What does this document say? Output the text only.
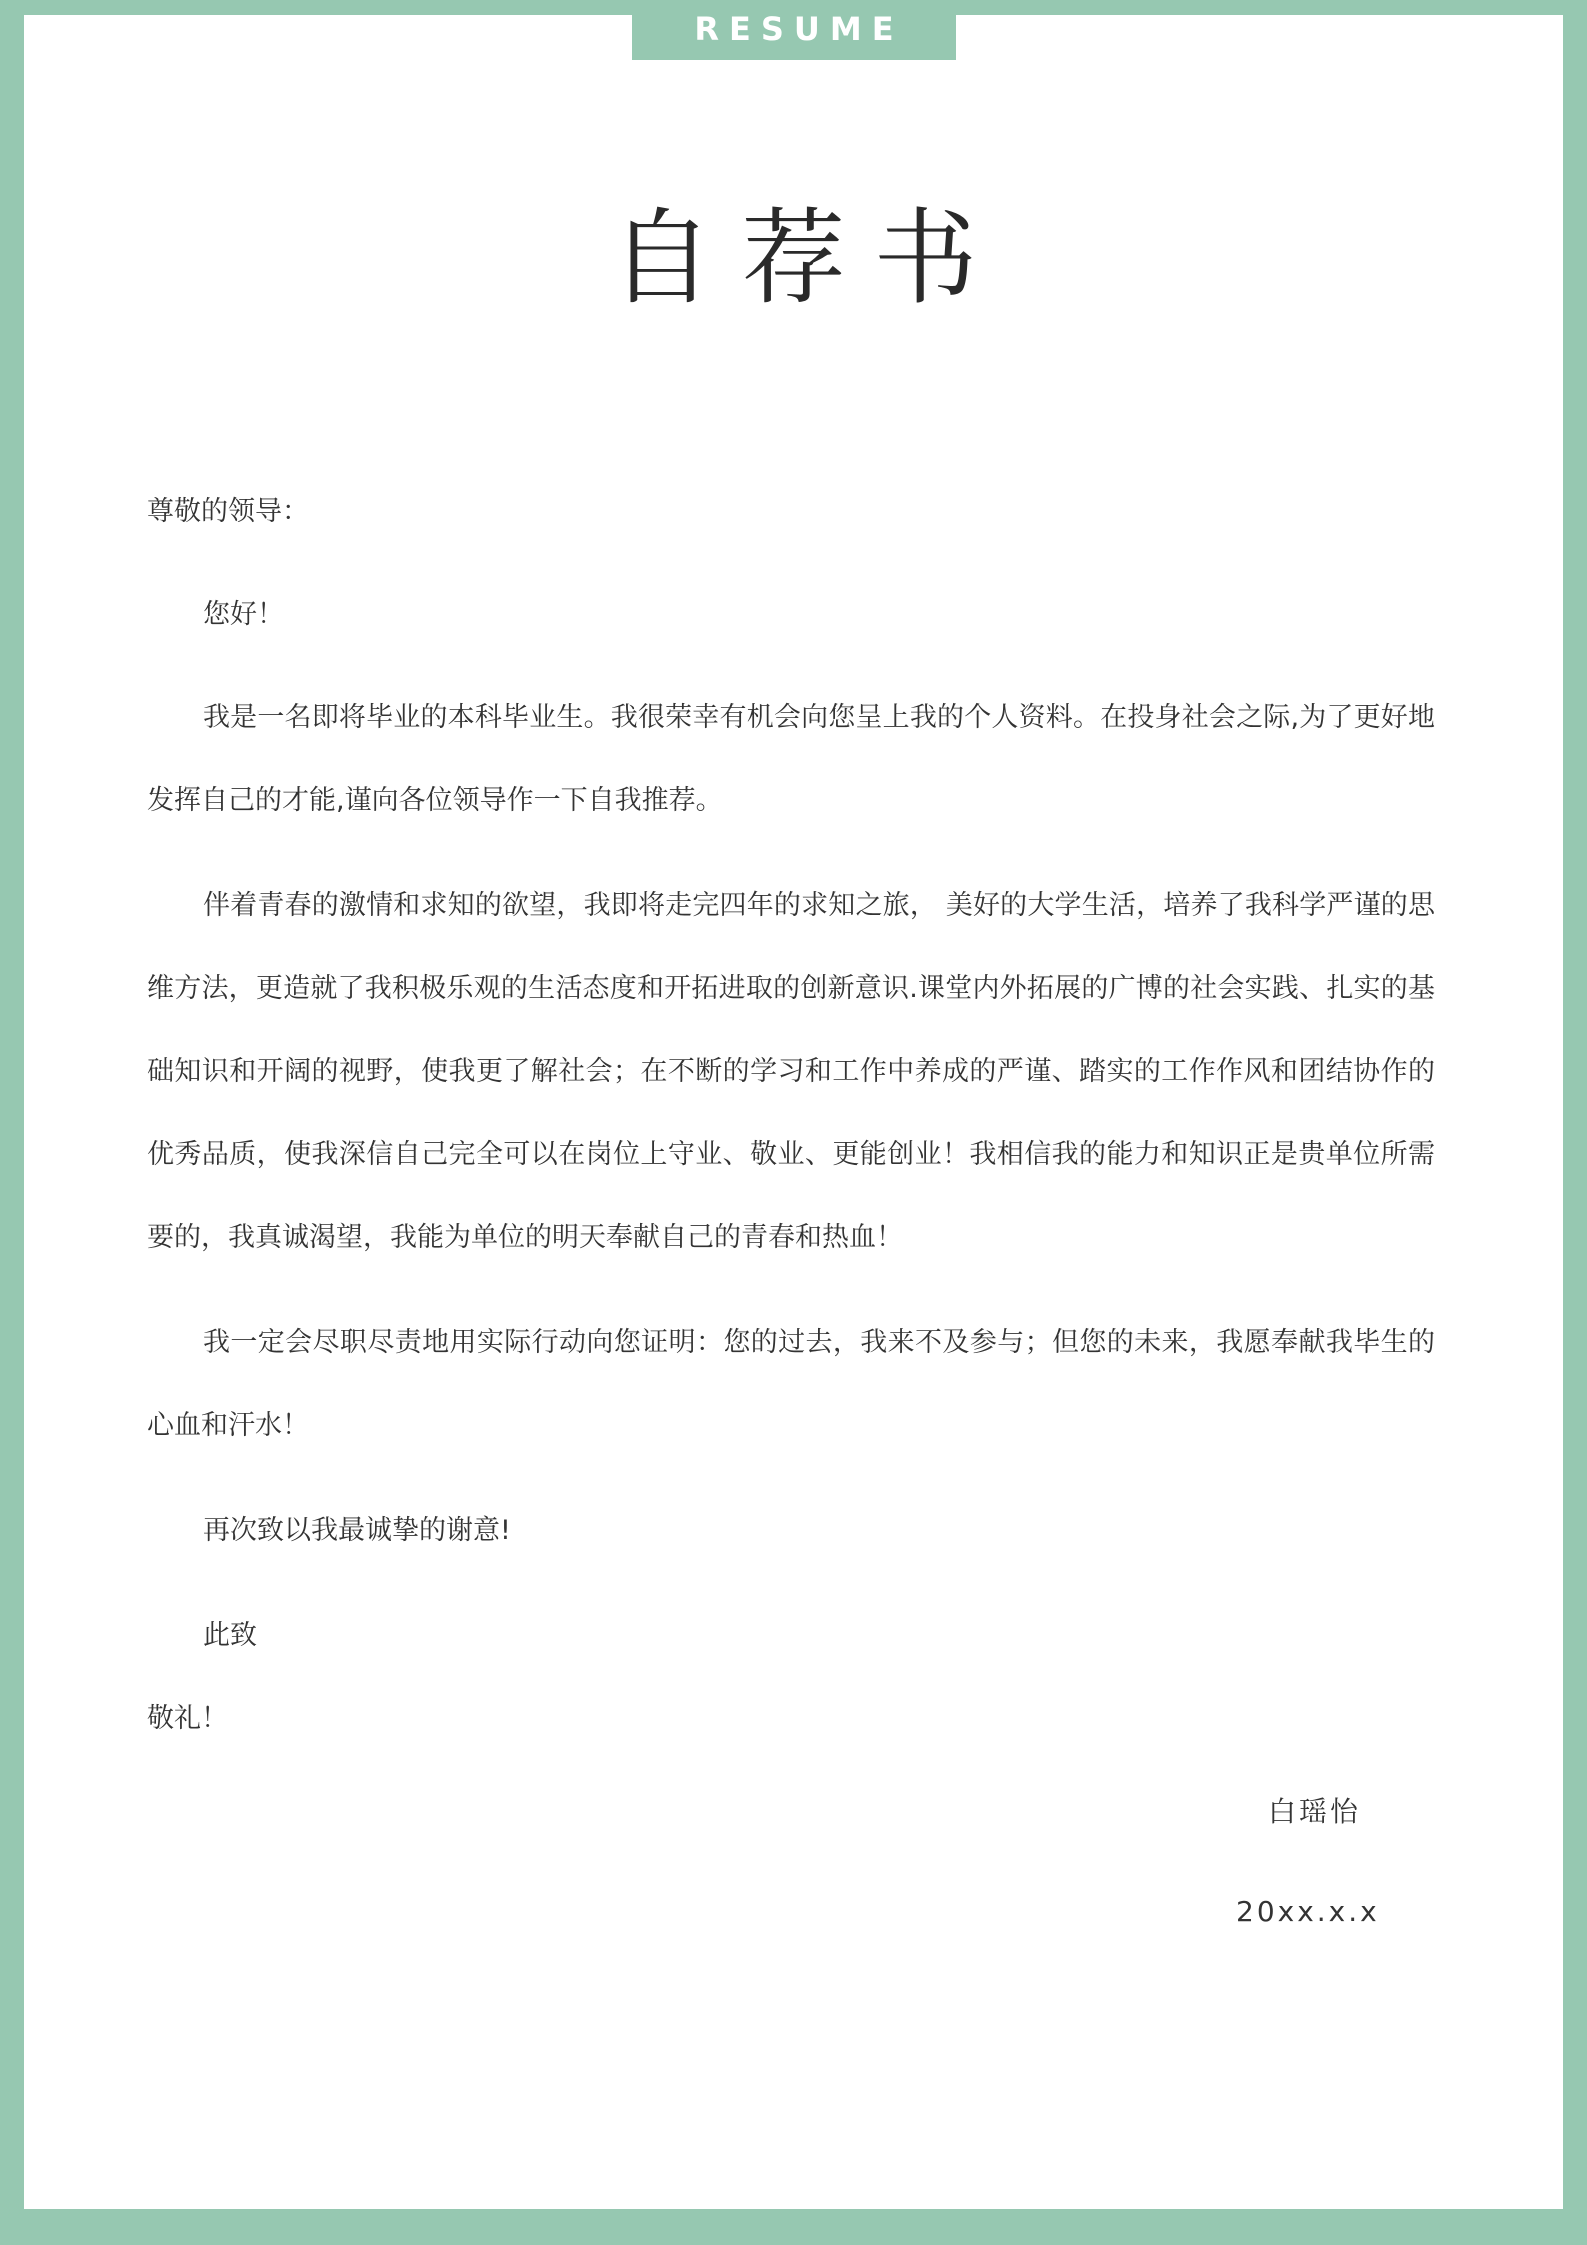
RESUME
自荐书

尊敬的领导：

您好！

我是一名即将毕业的本科毕业生。我很荣幸有机会向您呈上我的个人资料。在投身社会之际,为了更好地发挥自己的才能,谨向各位领导作一下自我推荐。

伴着青春的激情和求知的欲望，我即将走完四年的求知之旅， 美好的大学生活，培养了我科学严谨的思维方法，更造就了我积极乐观的生活态度和开拓进取的创新意识.课堂内外拓展的广博的社会实践、扎实的基础知识和开阔的视野，使我更了解社会；在不断的学习和工作中养成的严谨、踏实的工作作风和团结协作的优秀品质，使我深信自己完全可以在岗位上守业、敬业、更能创业！我相信我的能力和知识正是贵单位所需要的，我真诚渴望，我能为单位的明天奉献自己的青春和热血！

我一定会尽职尽责地用实际行动向您证明：您的过去，我来不及参与；但您的未来，我愿奉献我毕生的心血和汗水！

再次致以我最诚挚的谢意!

此致

敬礼！

白瑶怡
20xx.x.x
